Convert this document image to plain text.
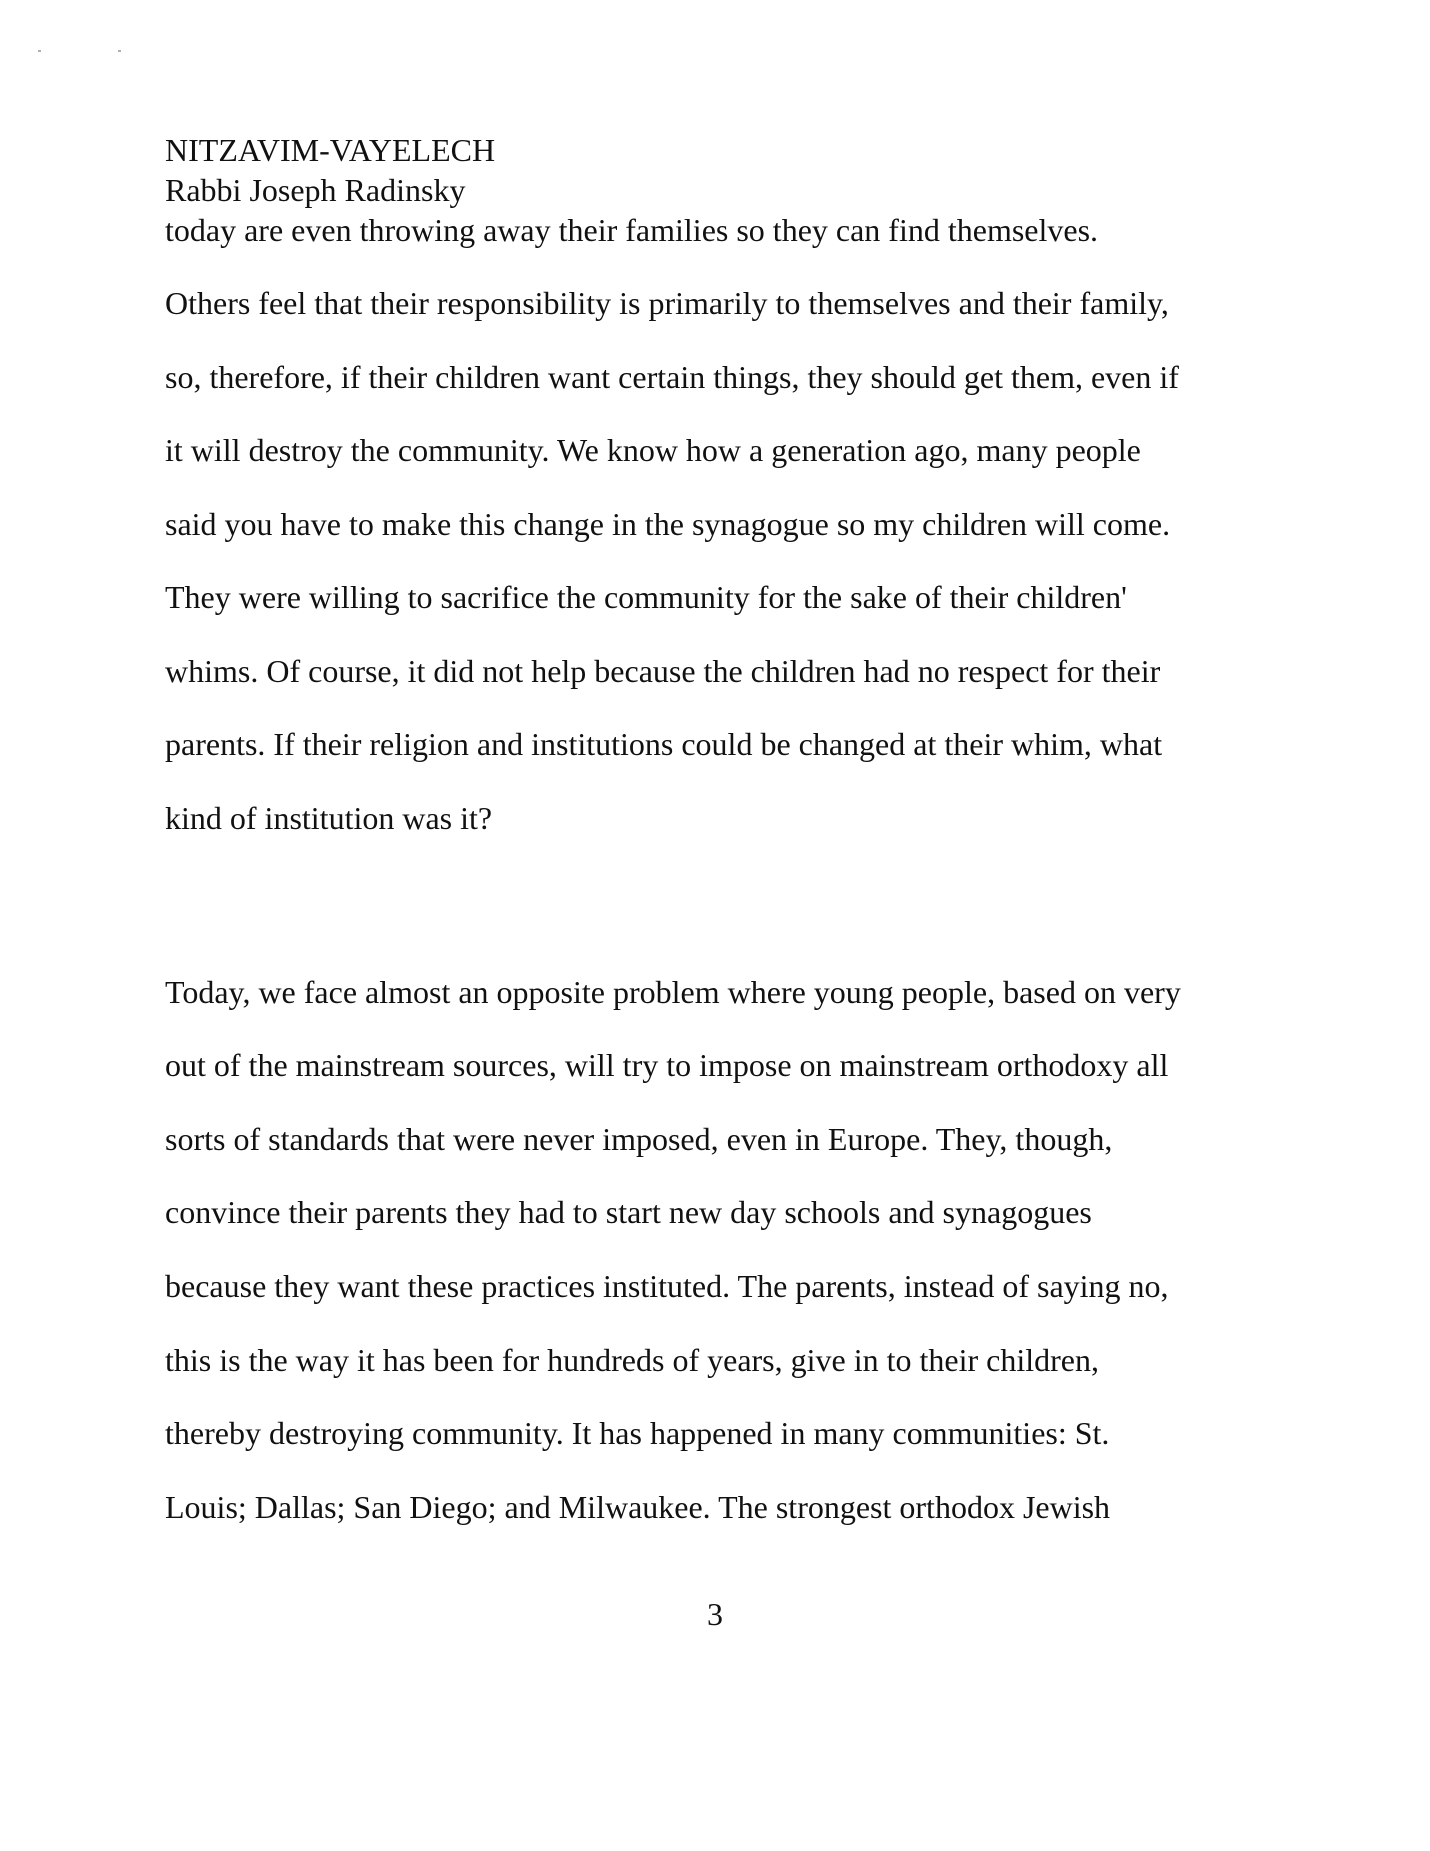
NITZAVIM-VAYELECH
Rabbi Joseph Radinsky
today are even throwing away their families so they can find themselves.
Others feel that their responsibility is primarily to themselves and their family,
so, therefore, if their children want certain things, they should get them, even if
it will destroy the community. We know how a generation ago, many people
said you have to make this change in the synagogue so my children will come.
They were willing to sacrifice the community for the sake of their children'
whims. Of course, it did not help because the children had no respect for their
parents. If their religion and institutions could be changed at their whim, what
kind of institution was it?
Today, we face almost an opposite problem where young people, based on very
out of the mainstream sources, will try to impose on mainstream orthodoxy all
sorts of standards that were never imposed, even in Europe. They, though,
convince their parents they had to start new day schools and synagogues
because they want these practices instituted. The parents, instead of saying no,
this is the way it has been for hundreds of years, give in to their children,
thereby destroying community. It has happened in many communities: St.
Louis; Dallas; San Diego; and Milwaukee. The strongest orthodox Jewish
3
